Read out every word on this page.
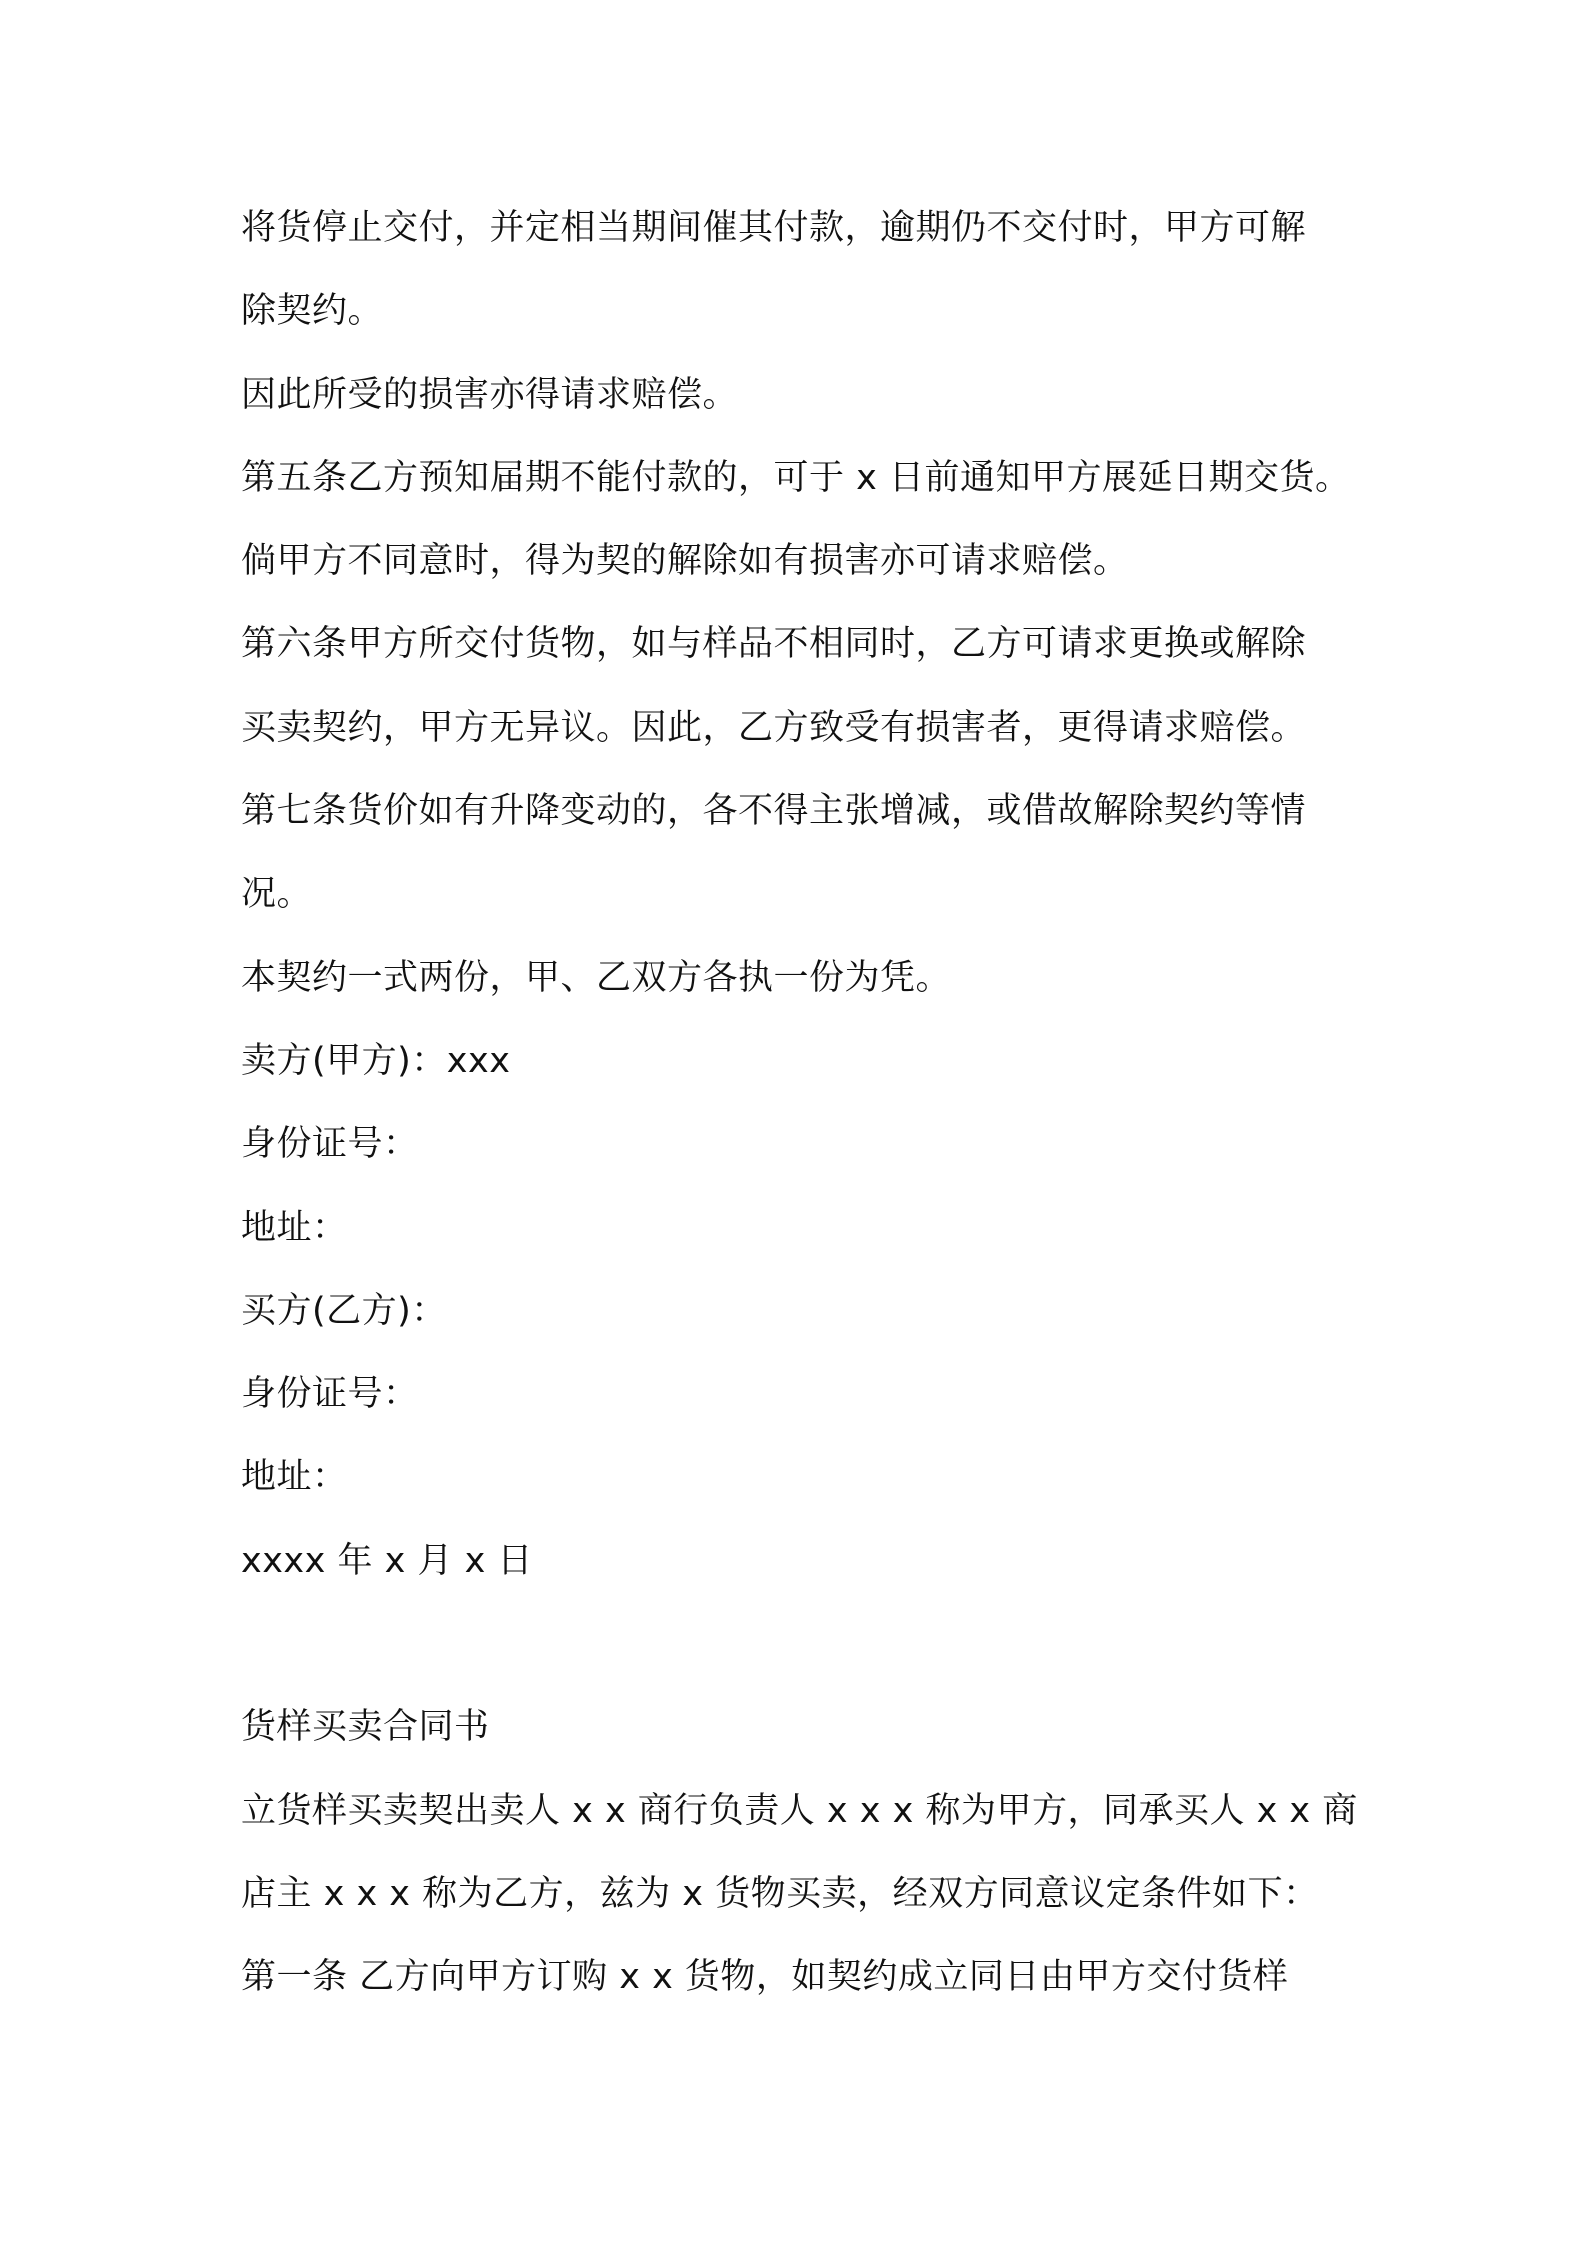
将货停止交付，并定相当期间催其付款，逾期仍不交付时，甲方可解
除契约。
因此所受的损害亦得请求赔偿。
第五条乙方预知届期不能付款的，可于 x 日前通知甲方展延日期交货。
倘甲方不同意时，得为契的解除如有损害亦可请求赔偿。
第六条甲方所交付货物，如与样品不相同时，乙方可请求更换或解除
买卖契约，甲方无异议。因此，乙方致受有损害者，更得请求赔偿。
第七条货价如有升降变动的，各不得主张增减，或借故解除契约等情
况。
本契约一式两份，甲、乙双方各执一份为凭。
卖方(甲方)：xxx
身份证号：
地址：
买方(乙方)：
身份证号：
地址：
xxxx 年 x 月 x 日
货样买卖合同书
立货样买卖契出卖人 x x 商行负责人 x x x 称为甲方，同承买人 x x 商
店主 x x x 称为乙方，兹为 x 货物买卖，经双方同意议定条件如下：
第一条 乙方向甲方订购 x x 货物，如契约成立同日由甲方交付货样
